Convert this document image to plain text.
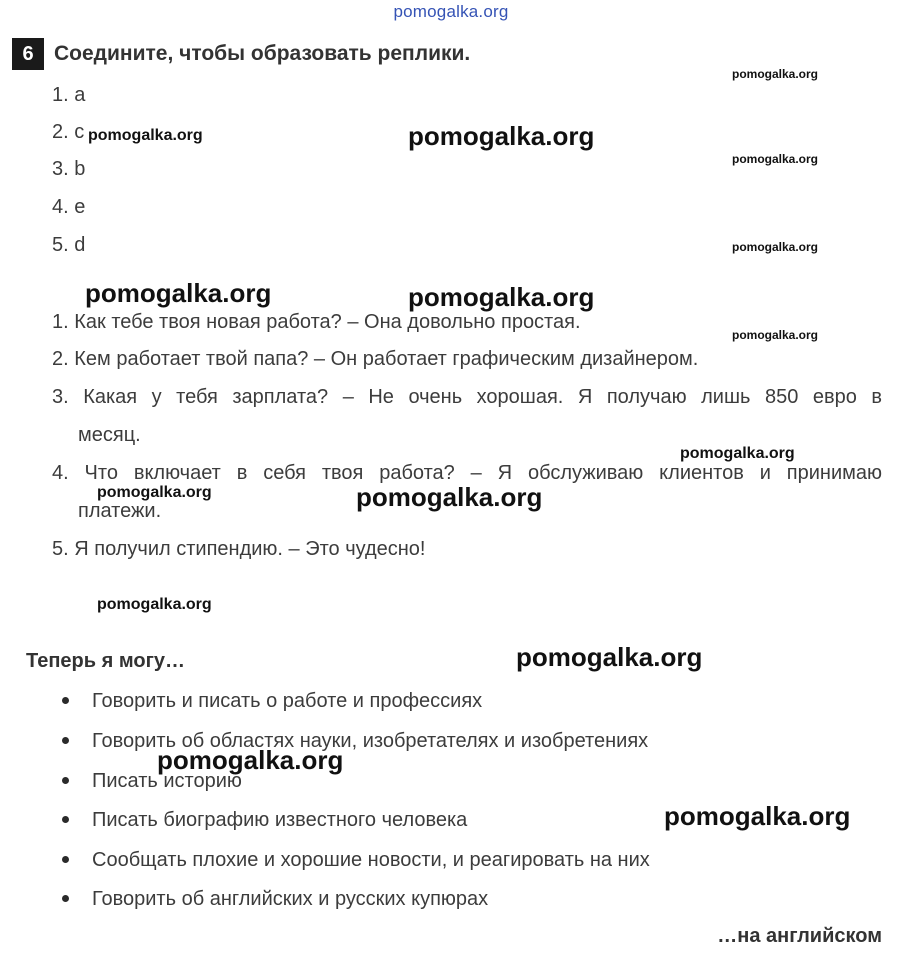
pomogalka.org
6 Соедините, чтобы образовать реплики.
1. a
2. c
3. b
4. e
5. d
1. Как тебе твоя новая работа? – Она довольно простая.
2. Кем работает твой папа? – Он работает графическим дизайнером.
3. Какая у тебя зарплата? – Не очень хорошая. Я получаю лишь 850 евро в
месяц.
4. Что включает в себя твоя работа? – Я обслуживаю клиентов и принимаю
платежи.
5. Я получил стипендию. – Это чудесно!
Теперь я могу…
Говорить и писать о работе и профессиях
Говорить об областях науки, изобретателях и изобретениях
Писать историю
Писать биографию известного человека
Сообщать плохие и хорошие новости, и реагировать на них
Говорить об английских и русских купюрах
…на английском
pomogalka.org
pomogalka.org	pomogalka.org
pomogalka.org
pomogalka.org
pomogalka.org	pomogalka.org
pomogalka.org
pomogalka.org
pomogalka.org	pomogalka.org
pomogalka.org
pomogalka.org
pomogalka.org
pomogalka.org
